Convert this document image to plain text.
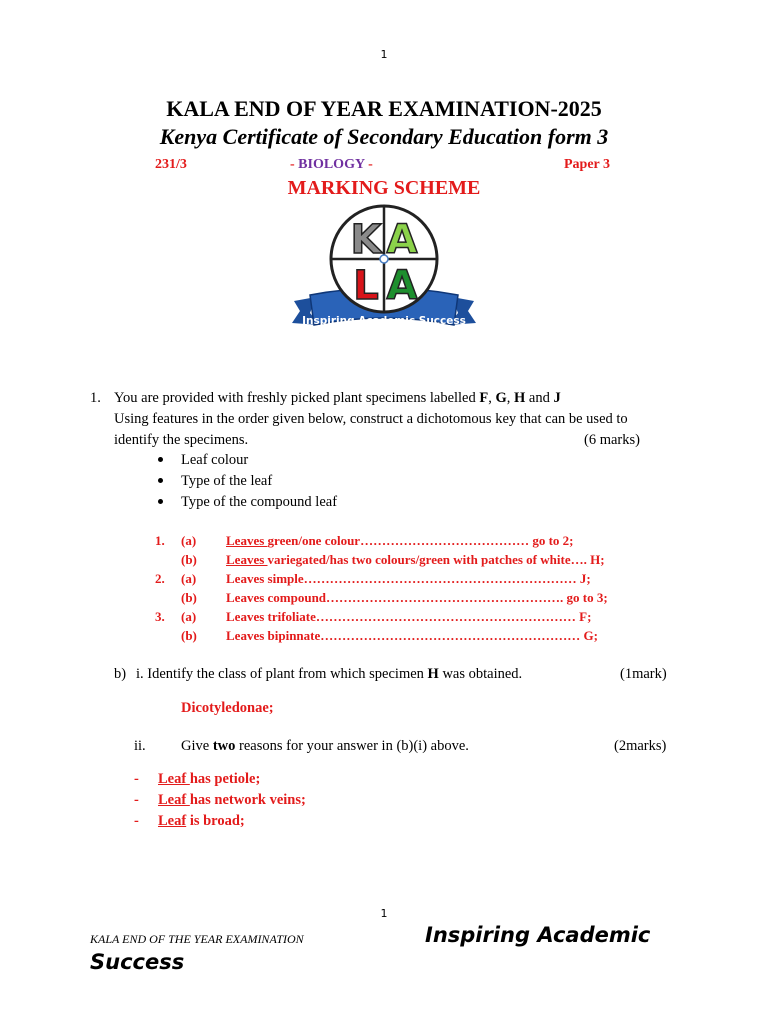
1
KALA END OF YEAR EXAMINATION-2025
Kenya Certificate of Secondary Education form 3
231/3	- BIOLOGY -	Paper 3
MARKING SCHEME
K A
L A
Inspiring Academic Success
1. You are provided with freshly picked plant specimens labelled F, G, H and J
Using features in the order given below, construct a dichotomous key that can be used to
identify the specimens.	(6 marks)
Leaf colour
Type of the leaf
Type of the compound leaf
1.	(a)	Leaves green/one colour………………………………… go to 2;
	(b)	Leaves variegated/has two colours/green with patches of white…. H;
2.	(a)	Leaves simple……………………………………………………… J;
	(b)	Leaves compound………………………………………………. go to 3;
3.	(a)	Leaves trifoliate…………………………………………………… F;
	(b)	Leaves bipinnate…………………………………………………… G;
b) i. Identify the class of plant from which specimen H was obtained.	(1mark)
Dicotyledonae;
ii. Give two reasons for your answer in (b)(i) above.	(2marks)
- Leaf has petiole;
- Leaf has network veins;
- Leaf is broad;
1
KALA END OF THE YEAR EXAMINATION	Inspiring Academic
Success
